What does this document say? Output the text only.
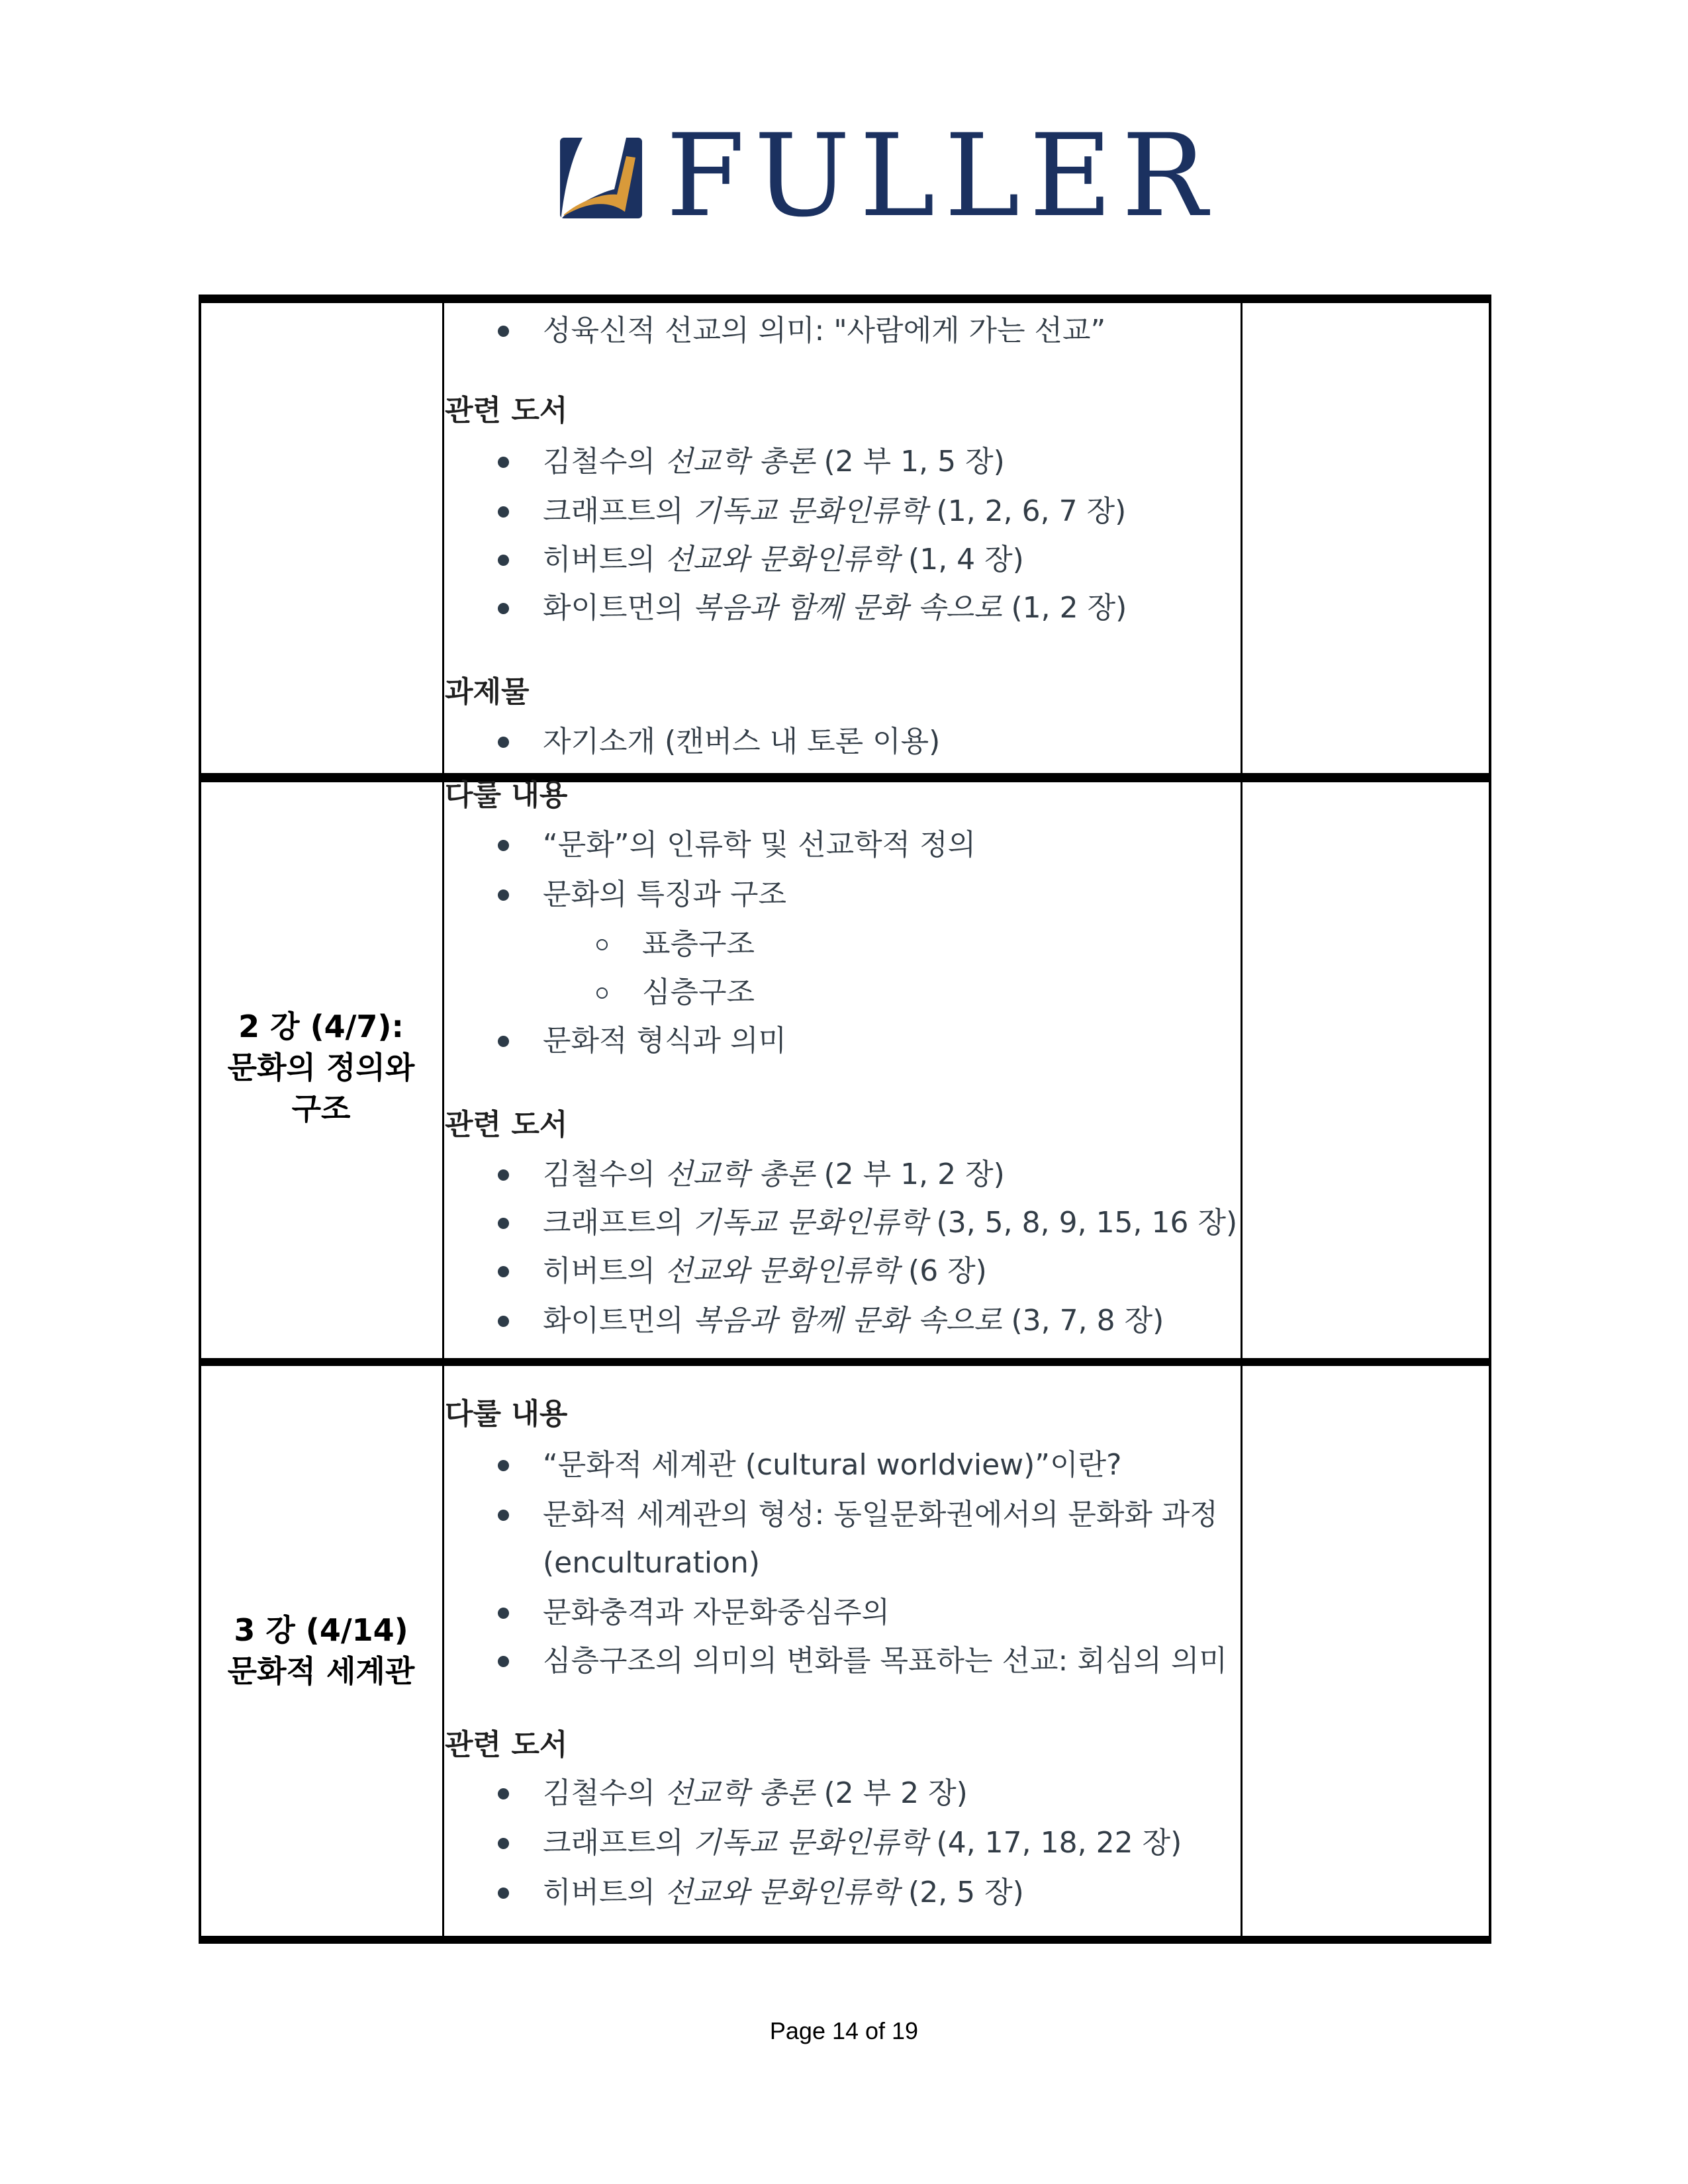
FULLER
2 강 (4/7):
문화의 정의와
구조
3 강 (4/14)
문화적 세계관
성육신적 선교의 의미: "사람에게 가는 선교”
관련 도서
김철수의 선교학 총론 (2 부 1, 5 장)
크래프트의 기독교 문화인류학 (1, 2, 6, 7 장)
히버트의 선교와 문화인류학 (1, 4 장)
화이트먼의 복음과 함께 문화 속으로 (1, 2 장)
과제물
자기소개 (캔버스 내 토론 이용)
다룰 내용
“문화”의 인류학 및 선교학적 정의
문화의 특징과 구조
표층구조
심층구조
문화적 형식과 의미
관련 도서
김철수의 선교학 총론 (2 부 1, 2 장)
크래프트의 기독교 문화인류학 (3, 5, 8, 9, 15, 16 장)
히버트의 선교와 문화인류학 (6 장)
화이트먼의 복음과 함께 문화 속으로 (3, 7, 8 장)
다룰 내용
“문화적 세계관 (cultural worldview)”이란?
문화적 세계관의 형성: 동일문화권에서의 문화화 과정
(enculturation)
문화충격과 자문화중심주의
심층구조의 의미의 변화를 목표하는 선교: 회심의 의미
관련 도서
김철수의 선교학 총론 (2 부 2 장)
크래프트의 기독교 문화인류학 (4, 17, 18, 22 장)
히버트의 선교와 문화인류학 (2, 5 장)
Page 14 of 19
